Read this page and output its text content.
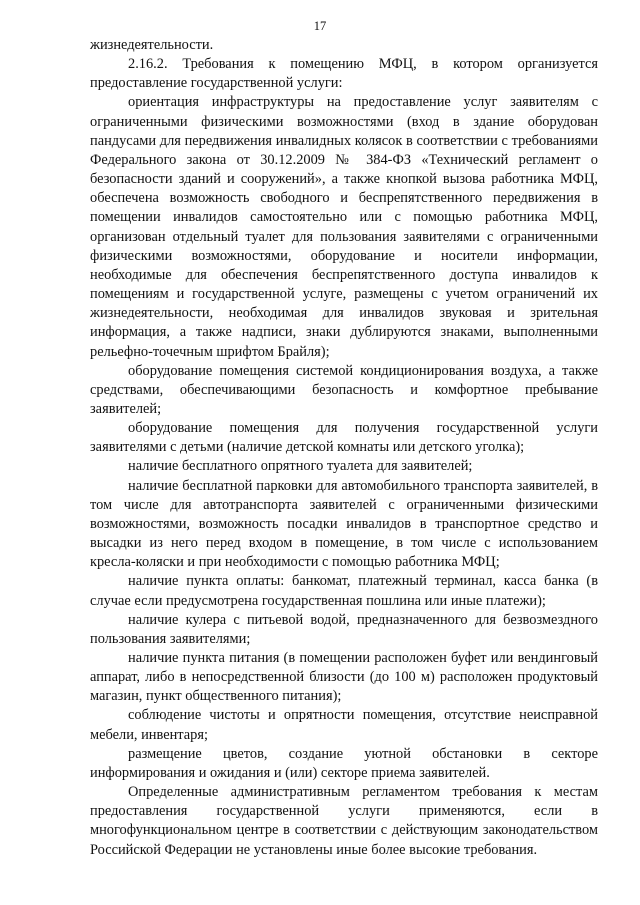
17

жизнедеятельности.

2.16.2. Требования к помещению МФЦ, в котором организуется предоставление государственной услуги:

ориентация инфраструктуры на предоставление услуг заявителям с ограниченными физическими возможностями (вход в здание оборудован пандусами для передвижения инвалидных колясок в соответствии с требованиями Федерального закона от 30.12.2009 № 384-ФЗ «Технический регламент о безопасности зданий и сооружений», а также кнопкой вызова работника МФЦ, обеспечена возможность свободного и беспрепятственного передвижения в помещении инвалидов самостоятельно или с помощью работника МФЦ, организован отдельный туалет для пользования заявителями с ограниченными физическими возможностями, оборудование и носители информации, необходимые для обеспечения беспрепятственного доступа инвалидов к помещениям и государственной услуге, размещены с учетом ограничений их жизнедеятельности, необходимая для инвалидов звуковая и зрительная информация, а также надписи, знаки дублируются знаками, выполненными рельефно-точечным шрифтом Брайля);

оборудование помещения системой кондиционирования воздуха, а также средствами, обеспечивающими безопасность и комфортное пребывание заявителей;

оборудование помещения для получения государственной услуги заявителями с детьми (наличие детской комнаты или детского уголка);

наличие бесплатного опрятного туалета для заявителей;

наличие бесплатной парковки для автомобильного транспорта заявителей, в том числе для автотранспорта заявителей с ограниченными физическими возможностями, возможность посадки инвалидов в транспортное средство и высадки из него перед входом в помещение, в том числе с использованием кресла-коляски и при необходимости с помощью работника МФЦ;

наличие пункта оплаты: банкомат, платежный терминал, касса банка (в случае если предусмотрена государственная пошлина или иные платежи);

наличие кулера с питьевой водой, предназначенного для безвозмездного пользования заявителями;

наличие пункта питания (в помещении расположен буфет или вендинговый аппарат, либо в непосредственной близости (до 100 м) расположен продуктовый магазин, пункт общественного питания);

соблюдение чистоты и опрятности помещения, отсутствие неисправной мебели, инвентаря;

размещение цветов, создание уютной обстановки в секторе информирования и ожидания и (или) секторе приема заявителей.

Определенные административным регламентом требования к местам предоставления государственной услуги применяются, если в многофункциональном центре в соответствии с действующим законодательством Российской Федерации не установлены иные более высокие требования.
